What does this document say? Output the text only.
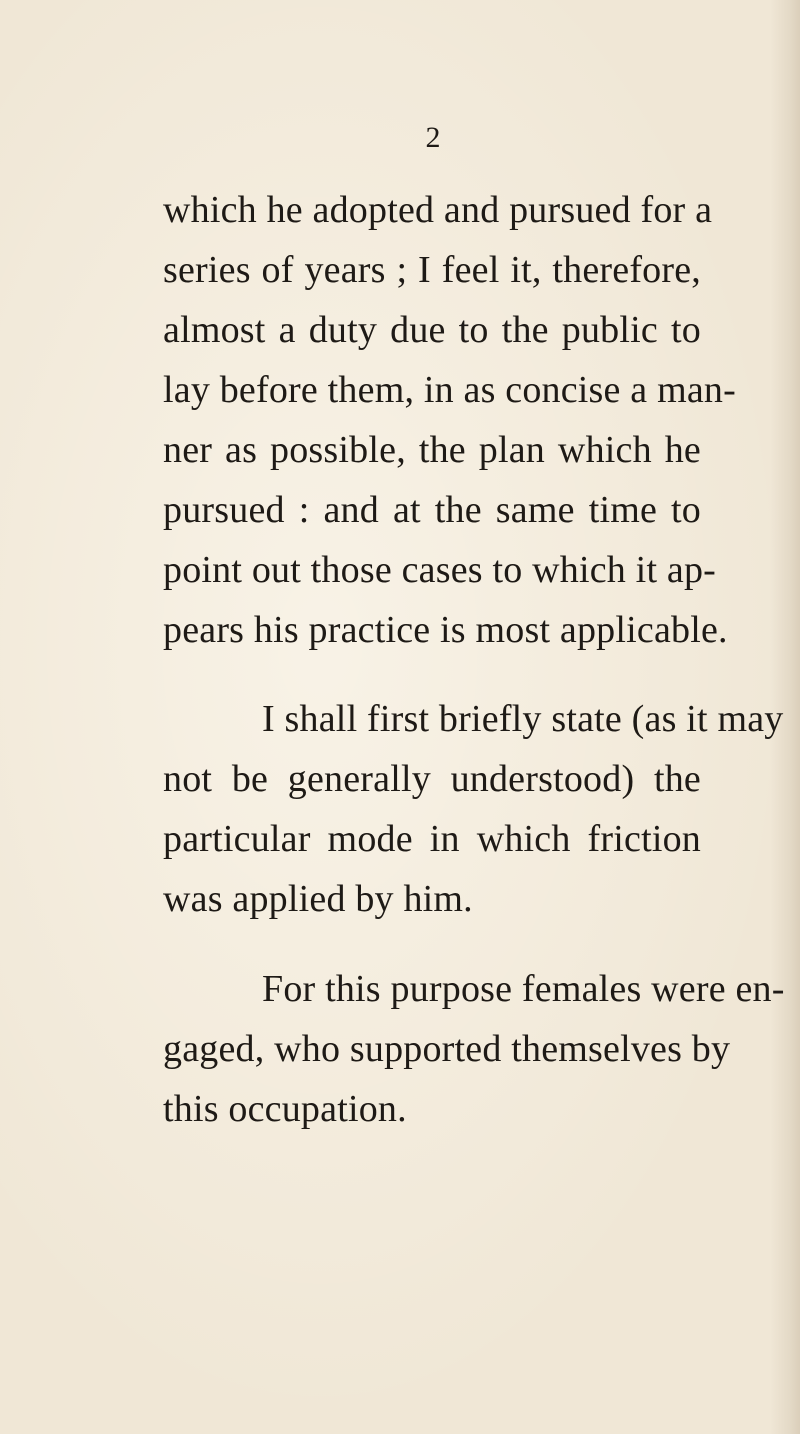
2
which he adopted and pursued for a
series of years ; I feel it, therefore,
almost a duty due to the public to
lay before them, in as concise a man-
ner as possible, the plan which he
pursued : and at the same time to
point out those cases to which it ap-
pears his practice is most applicable.
I shall first briefly state (as it may
not be generally understood) the
particular mode in which friction
was applied by him.
For this purpose females were en-
gaged, who supported themselves by
this occupation.
